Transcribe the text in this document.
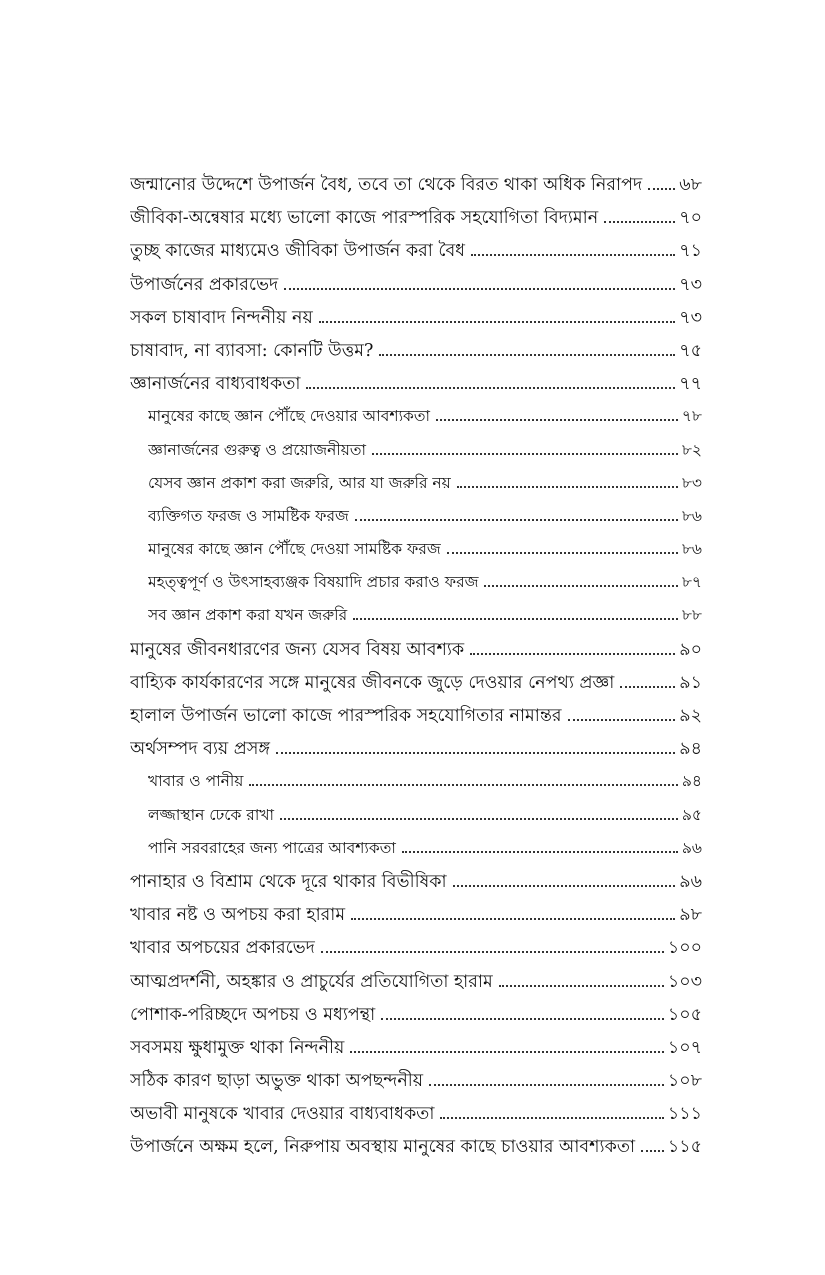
জন্মানোর উদ্দেশে উপার্জন বৈধ, তবে তা থেকে বিরত থাকা অধিক নিরাপদ ৬৮
জীবিকা-অন্বেষার মধ্যে ভালো কাজে পারস্পরিক সহযোগিতা বিদ্যমান	৭০
তুচ্ছ কাজের মাধ্যমেও জীবিকা উপার্জন করা বৈধ	৭১
উপার্জনের প্রকারভেদ	৭৩
সকল চাষাবাদ নিন্দনীয় নয়	৭৩
চাষাবাদ, না ব্যাবসা: কোনটি উত্তম?	৭৫
জ্ঞানার্জনের বাধ্যবাধকতা	৭৭
মানুষের কাছে জ্ঞান পৌঁছে দেওয়ার আবশ্যকতা	৭৮
জ্ঞানার্জনের গুরুত্ব ও প্রয়োজনীয়তা	৮২
যেসব জ্ঞান প্রকাশ করা জরুরি, আর যা জরুরি নয়	৮৩
ব্যক্তিগত ফরজ ও সামষ্টিক ফরজ	৮৬
মানুষের কাছে জ্ঞান পৌঁছে দেওয়া সামষ্টিক ফরজ	৮৬
মহত্ত্বপূর্ণ ও উৎসাহব্যঞ্জক বিষয়াদি প্রচার করাও ফরজ	৮৭
সব জ্ঞান প্রকাশ করা যখন জরুরি	৮৮
মানুষের জীবনধারণের জন্য যেসব বিষয় আবশ্যক	৯০
বাহ্যিক কার্যকারণের সঙ্গে মানুষের জীবনকে জুড়ে দেওয়ার নেপথ্য প্রজ্ঞা	৯১
হালাল উপার্জন ভালো কাজে পারস্পরিক সহযোগিতার নামান্তর	৯২
অর্থসম্পদ ব্যয় প্রসঙ্গ	৯৪
খাবার ও পানীয়	৯৪
লজ্জাস্থান ঢেকে রাখা	৯৫
পানি সরবরাহের জন্য পাত্রের আবশ্যকতা	৯৬
পানাহার ও বিশ্রাম থেকে দূরে থাকার বিভীষিকা	৯৬
খাবার নষ্ট ও অপচয় করা হারাম	৯৮
খাবার অপচয়ের প্রকারভেদ	১০০
আত্মপ্রদর্শনী, অহঙ্কার ও প্রাচুর্যের প্রতিযোগিতা হারাম	১০৩
পোশাক-পরিচ্ছদে অপচয় ও মধ্যপন্থা	১০৫
সবসময় ক্ষুধামুক্ত থাকা নিন্দনীয়	১০৭
সঠিক কারণ ছাড়া অভুক্ত থাকা অপছন্দনীয়	১০৮
অভাবী মানুষকে খাবার দেওয়ার বাধ্যবাধকতা	১১১
উপার্জনে অক্ষম হলে, নিরুপায় অবস্থায় মানুষের কাছে চাওয়ার আবশ্যকতা ১১৫
